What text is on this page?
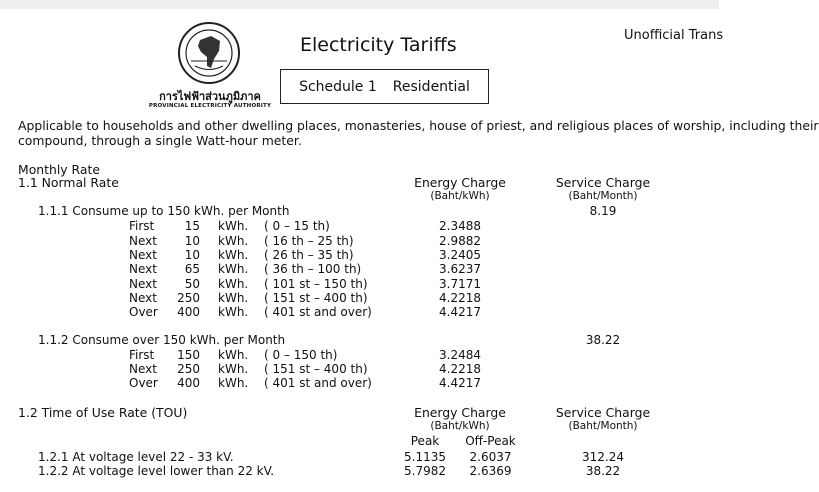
การไฟฟ้าส่วนภูมิภาค
PROVINCIAL ELECTRICITY AUTHORITY
Electricity Tariffs	Unofficial Trans
Schedule 1 Residential
Applicable to households and other dwelling places, monasteries, house of priest, and religious places of worship, including their
compound, through a single Watt-hour meter.
Monthly Rate
1.1 Normal Rate	Energy Charge
(Baht/kWh)
Service Charge
(Baht/Month)
1.1.1 Consume up to 150 kWh. per Month	8.19
First	15 kWh. ( 0 – 15 th)	2.3488
Next	10 kWh. ( 16 th – 25 th)	2.9882
Next	10 kWh. ( 26 th – 35 th)	3.2405
Next	65 kWh. ( 36 th – 100 th)	3.6237
Next	50 kWh. ( 101 st – 150 th)	3.7171
Next 250 kWh. ( 151 st – 400 th)	4.2218
Over 400 kWh. ( 401 st and over)	4.4217
1.1.2 Consume over 150 kWh. per Month	38.22
First 150 kWh. ( 0 – 150 th)	3.2484
Next 250 kWh. ( 151 st – 400 th)	4.2218
Over 400 kWh. ( 401 st and over)	4.4217
1.2 Time of Use Rate (TOU)	Energy Charge
(Baht/kWh)
Service Charge
(Baht/Month)
Peak	Off-Peak
1.2.1 At voltage level 22 - 33 kV.	5.1135	2.6037	312.24
1.2.2 At voltage level lower than 22 kV.	5.7982	2.6369	38.22
